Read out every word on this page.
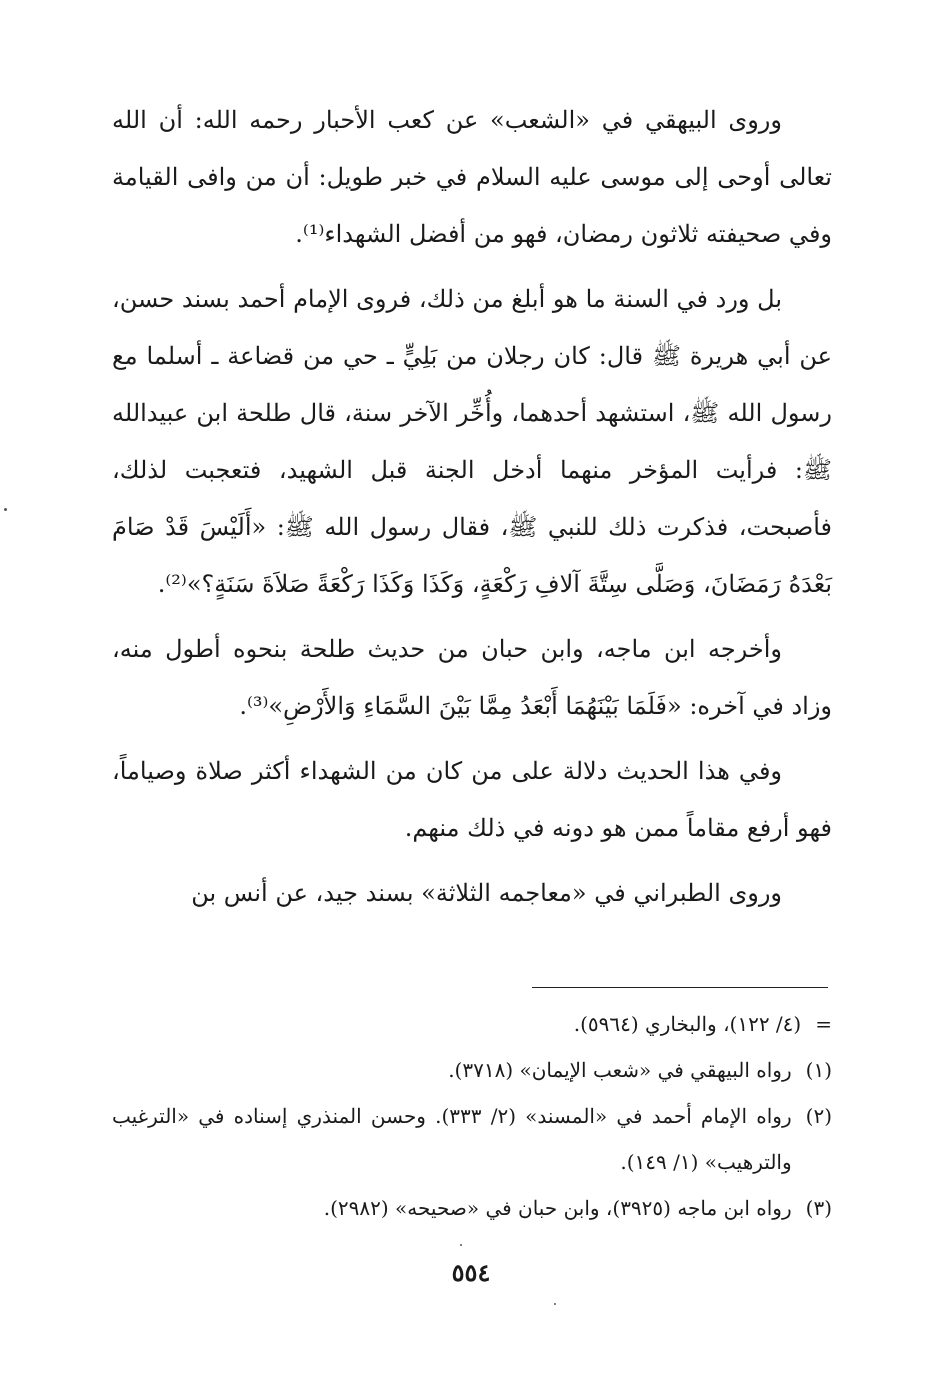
وروى البيهقي في «الشعب» عن كعب الأحبار رحمه الله: أن الله تعالى أوحى إلى موسى عليه السلام في خبر طويل: أن من وافى القيامة وفي صحيفته ثلاثون رمضان، فهو من أفضل الشهداء⁽¹⁾.

بل ورد في السنة ما هو أبلغ من ذلك، فروى الإمام أحمد بسند حسن، عن أبي هريرة ﷺ قال: كان رجلان من بَلِيٍّ ـ حي من قضاعة ـ أسلما مع رسول الله ﷺ، استشهد أحدهما، وأُخِّر الآخر سنة، قال طلحة ابن عبيدالله ﷺ: فرأيت المؤخر منهما أدخل الجنة قبل الشهيد، فتعجبت لذلك، فأصبحت، فذكرت ذلك للنبي ﷺ، فقال رسول الله ﷺ: «أَلَيْسَ قَدْ صَامَ بَعْدَهُ رَمَضَانَ، وَصَلَّى سِتَّةَ آلافِ رَكْعَةٍ، وَكَذَا وَكَذَا رَكْعَةً صَلاَةَ سَنَةٍ؟»⁽²⁾.

وأخرجه ابن ماجه، وابن حبان من حديث طلحة بنحوه أطول منه، وزاد في آخره: «فَلَمَا بَيْنَهُمَا أَبْعَدُ مِمَّا بَيْنَ السَّمَاءِ وَالأَرْضِ»⁽³⁾.

وفي هذا الحديث دلالة على من كان من الشهداء أكثر صلاة وصياماً، فهو أرفع مقاماً ممن هو دونه في ذلك منهم.

وروى الطبراني في «معاجمه الثلاثة» بسند جيد، عن أنس بن

=
(٤/ ١٢٢)، والبخاري (٥٩٦٤).
(١)
رواه البيهقي في «شعب الإيمان» (٣٧١٨).
(٢)
رواه الإمام أحمد في «المسند» (٢/ ٣٣٣). وحسن المنذري إسناده في «الترغيب والترهيب» (١/ ١٤٩).
(٣)
رواه ابن ماجه (٣٩٢٥)، وابن حبان في «صحيحه» (٢٩٨٢).
٥٥٤
